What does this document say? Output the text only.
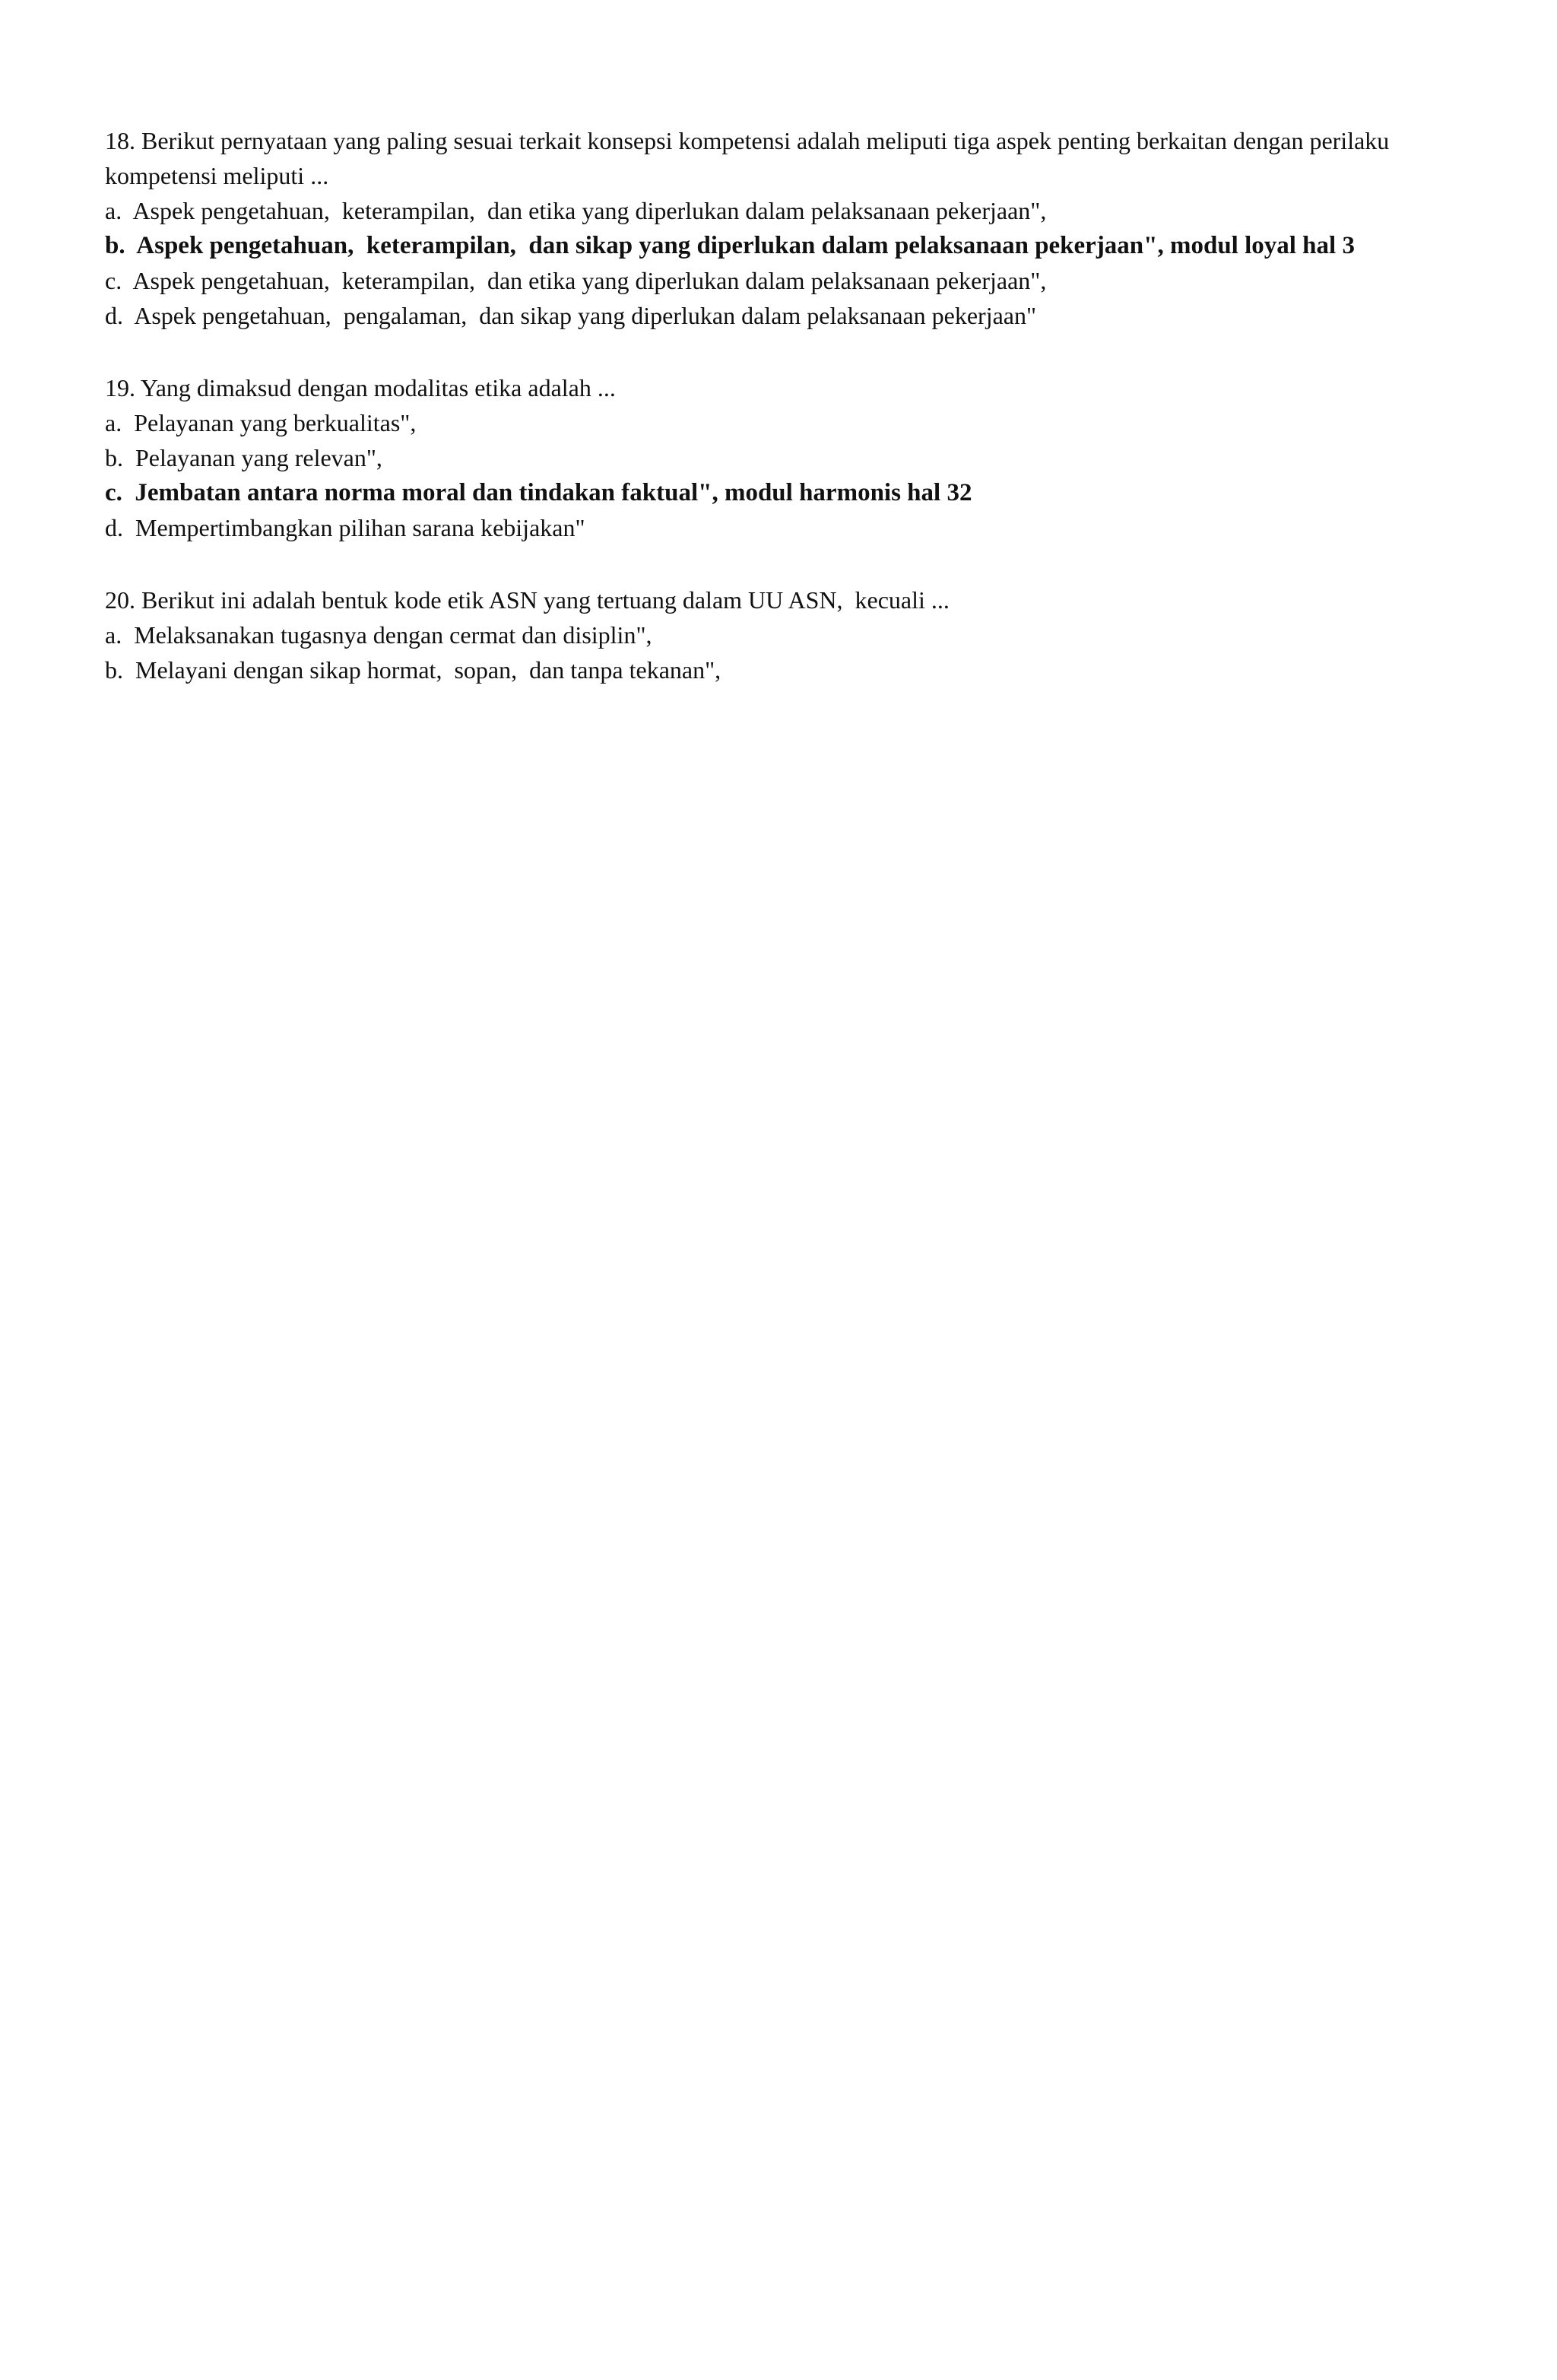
18. Berikut pernyataan yang paling sesuai terkait konsepsi kompetensi adalah meliputi tiga aspek penting berkaitan dengan perilaku kompetensi meliputi ...

a.  Aspek pengetahuan,  keterampilan,  dan etika yang diperlukan dalam pelaksanaan pekerjaan",

b.  Aspek pengetahuan,  keterampilan,  dan sikap yang diperlukan dalam pelaksanaan pekerjaan", modul loyal hal 3

c.  Aspek pengetahuan,  keterampilan,  dan etika yang diperlukan dalam pelaksanaan pekerjaan",

d.  Aspek pengetahuan,  pengalaman,  dan sikap yang diperlukan dalam pelaksanaan pekerjaan"

19. Yang dimaksud dengan modalitas etika adalah ...

a.  Pelayanan yang berkualitas",

b.  Pelayanan yang relevan",

c.  Jembatan antara norma moral dan tindakan faktual", modul harmonis hal 32

d.  Mempertimbangkan pilihan sarana kebijakan"

20. Berikut ini adalah bentuk kode etik ASN yang tertuang dalam UU ASN,  kecuali ...

a.  Melaksanakan tugasnya dengan cermat dan disiplin",

b.  Melayani dengan sikap hormat,  sopan,  dan tanpa tekanan",
